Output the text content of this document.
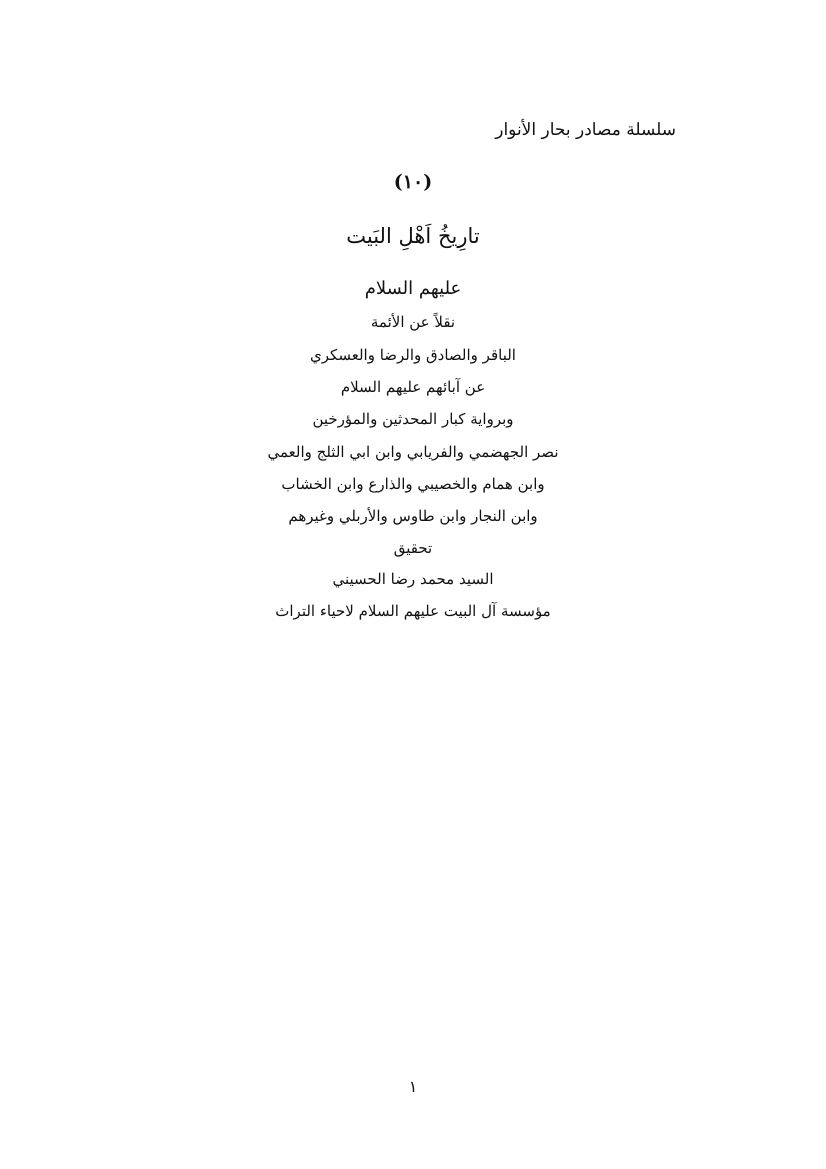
سلسلة مصادر بحار الأنوار
(١٠)
تارِيخُ اَهْلِ البَيت
عليهم السلام
نقلاً عن الأئمة
الباقر والصادق والرضا والعسكري
عن آبائهم عليهم السلام
وبرواية كبار المحدثين والمؤرخين
نصر الجهضمي والفريابي وابن ابي الثلج والعمي
وابن همام والخصيبي والذارع وابن الخشاب
وابن النجار وابن طاوس والأربلي وغيرهم
تحقيق
السيد محمد رضا الحسيني
مؤسسة آل البيت عليهم السلام لاحياء التراث
١
